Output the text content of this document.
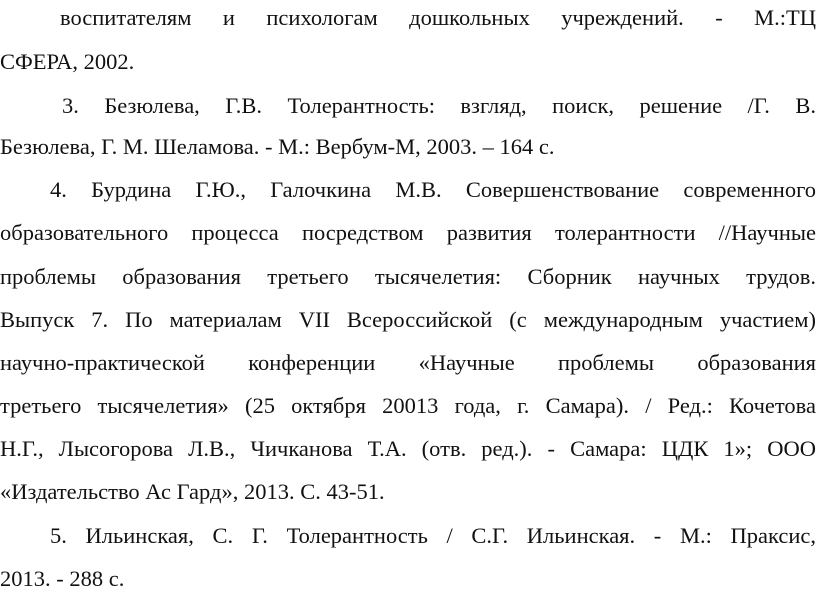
воспитателям и психологам дошкольных учреждений. - М.:ТЦ
СФЕРА, 2002.
3. Безюлева, Г.В. Толерантность: взгляд, поиск, решение /Г. В.
Безюлева, Г. М. Шеламова. - М.: Вербум-М, 2003. – 164 с.
4. Бурдина Г.Ю., Галочкина М.В. Совершенствование современного
образовательного процесса посредством развития толерантности //Научные
проблемы образования третьего тысячелетия: Сборник научных трудов.
Выпуск 7. По материалам VII Всероссийской (с международным участием)
научно-практической конференции «Научные проблемы образования
третьего тысячелетия» (25 октября 20013 года, г. Самара). / Ред.: Кочетова
Н.Г., Лысогорова Л.В., Чичканова Т.А. (отв. ред.). - Самара: ЦДК 1»; ООО
«Издательство Ас Гард», 2013. С. 43-51.
5. Ильинская, С. Г. Толерантность / С.Г. Ильинская. - М.: Праксис,
2013. - 288 с.
